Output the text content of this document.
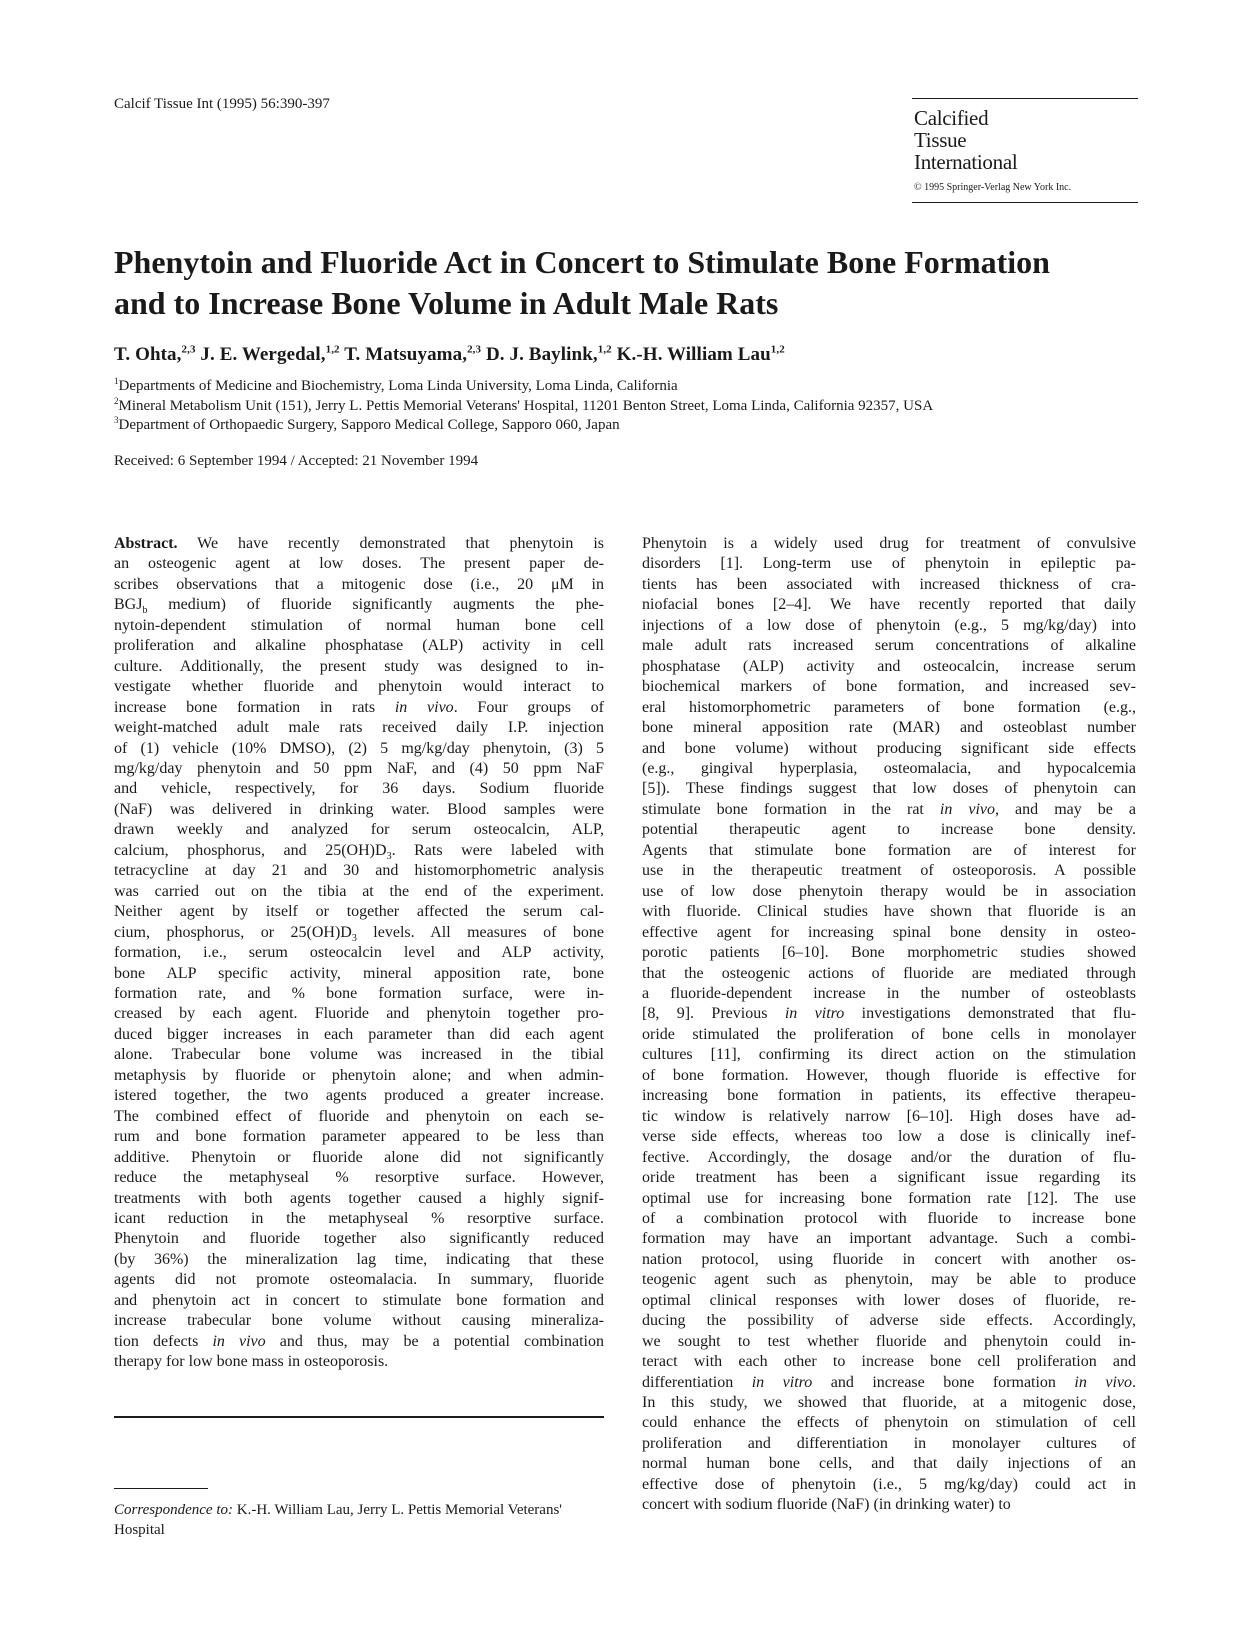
Calcif Tissue Int (1995) 56:390-397
Calcified
Tissue
International
© 1995 Springer-Verlag New York Inc.
Phenytoin and Fluoride Act in Concert to Stimulate Bone Formation
and to Increase Bone Volume in Adult Male Rats
T. Ohta,$^{2,3}$ J. E. Wergedal,$^{1,2}$ T. Matsuyama,$^{2,3}$ D. J. Baylink,$^{1,2}$ K.-H. William Lau$^{1,2}$
$^1$Departments of Medicine and Biochemistry, Loma Linda University, Loma Linda, California
$^2$Mineral Metabolism Unit (151), Jerry L. Pettis Memorial Veterans' Hospital, 11201 Benton Street, Loma Linda, California 92357, USA
$^3$Department of Orthopaedic Surgery, Sapporo Medical College, Sapporo 060, Japan
Received: 6 September 1994 / Accepted: 21 November 1994
Abstract. We have recently demonstrated that phenytoin is
an osteogenic agent at low doses. The present paper de-
scribes observations that a mitogenic dose (i.e., 20 μM in
$BGJ_b$ medium) of fluoride significantly augments the phe-
nytoin-dependent stimulation of normal human bone cell
proliferation and alkaline phosphatase (ALP) activity in cell
culture. Additionally, the present study was designed to in-
vestigate whether fluoride and phenytoin would interact to
increase bone formation in rats in vivo. Four groups of
weight-matched adult male rats received daily I.P. injection
of (1) vehicle (10% DMSO), (2) 5 mg/kg/day phenytoin, (3) 5
mg/kg/day phenytoin and 50 ppm NaF, and (4) 50 ppm NaF
and vehicle, respectively, for 36 days. Sodium fluoride
(NaF) was delivered in drinking water. Blood samples were
drawn weekly and analyzed for serum osteocalcin, ALP,
calcium, phosphorus, and $25(OH)D_3$. Rats were labeled with
tetracycline at day 21 and 30 and histomorphometric analysis
was carried out on the tibia at the end of the experiment.
Neither agent by itself or together affected the serum cal-
cium, phosphorus, or $25(OH)D_3$ levels. All measures of bone
formation, i.e., serum osteocalcin level and ALP activity,
bone ALP specific activity, mineral apposition rate, bone
formation rate, and % bone formation surface, were in-
creased by each agent. Fluoride and phenytoin together pro-
duced bigger increases in each parameter than did each agent
alone. Trabecular bone volume was increased in the tibial
metaphysis by fluoride or phenytoin alone; and when admin-
istered together, the two agents produced a greater increase.
The combined effect of fluoride and phenytoin on each se-
rum and bone formation parameter appeared to be less than
additive. Phenytoin or fluoride alone did not significantly
reduce the metaphyseal % resorptive surface. However,
treatments with both agents together caused a highly signif-
icant reduction in the metaphyseal % resorptive surface.
Phenytoin and fluoride together also significantly reduced
(by 36%) the mineralization lag time, indicating that these
agents did not promote osteomalacia. In summary, fluoride
and phenytoin act in concert to stimulate bone formation and
increase trabecular bone volume without causing mineraliza-
tion defects in vivo and thus, may be a potential combination
therapy for low bone mass in osteoporosis.
Phenytoin is a widely used drug for treatment of convulsive
disorders [1]. Long-term use of phenytoin in epileptic pa-
tients has been associated with increased thickness of cra-
niofacial bones [2–4]. We have recently reported that daily
injections of a low dose of phenytoin (e.g., 5 mg/kg/day) into
male adult rats increased serum concentrations of alkaline
phosphatase (ALP) activity and osteocalcin, increase serum
biochemical markers of bone formation, and increased sev-
eral histomorphometric parameters of bone formation (e.g.,
bone mineral apposition rate (MAR) and osteoblast number
and bone volume) without producing significant side effects
(e.g., gingival hyperplasia, osteomalacia, and hypocalcemia
[5]). These findings suggest that low doses of phenytoin can
stimulate bone formation in the rat in vivo, and may be a
potential therapeutic agent to increase bone density.
Agents that stimulate bone formation are of interest for
use in the therapeutic treatment of osteoporosis. A possible
use of low dose phenytoin therapy would be in association
with fluoride. Clinical studies have shown that fluoride is an
effective agent for increasing spinal bone density in osteo-
porotic patients [6–10]. Bone morphometric studies showed
that the osteogenic actions of fluoride are mediated through
a fluoride-dependent increase in the number of osteoblasts
[8, 9]. Previous in vitro investigations demonstrated that flu-
oride stimulated the proliferation of bone cells in monolayer
cultures [11], confirming its direct action on the stimulation
of bone formation. However, though fluoride is effective for
increasing bone formation in patients, its effective therapeu-
tic window is relatively narrow [6–10]. High doses have ad-
verse side effects, whereas too low a dose is clinically inef-
fective. Accordingly, the dosage and/or the duration of flu-
oride treatment has been a significant issue regarding its
optimal use for increasing bone formation rate [12]. The use
of a combination protocol with fluoride to increase bone
formation may have an important advantage. Such a combi-
nation protocol, using fluoride in concert with another os-
teogenic agent such as phenytoin, may be able to produce
optimal clinical responses with lower doses of fluoride, re-
ducing the possibility of adverse side effects. Accordingly,
we sought to test whether fluoride and phenytoin could in-
teract with each other to increase bone cell proliferation and
differentiation in vitro and increase bone formation in vivo.
In this study, we showed that fluoride, at a mitogenic dose,
could enhance the effects of phenytoin on stimulation of cell
proliferation and differentiation in monolayer cultures of
normal human bone cells, and that daily injections of an
effective dose of phenytoin (i.e., 5 mg/kg/day) could act in
concert with sodium fluoride (NaF) (in drinking water) to
Correspondence to: K.-H. William Lau, Jerry L. Pettis Memorial Veterans' Hospital
